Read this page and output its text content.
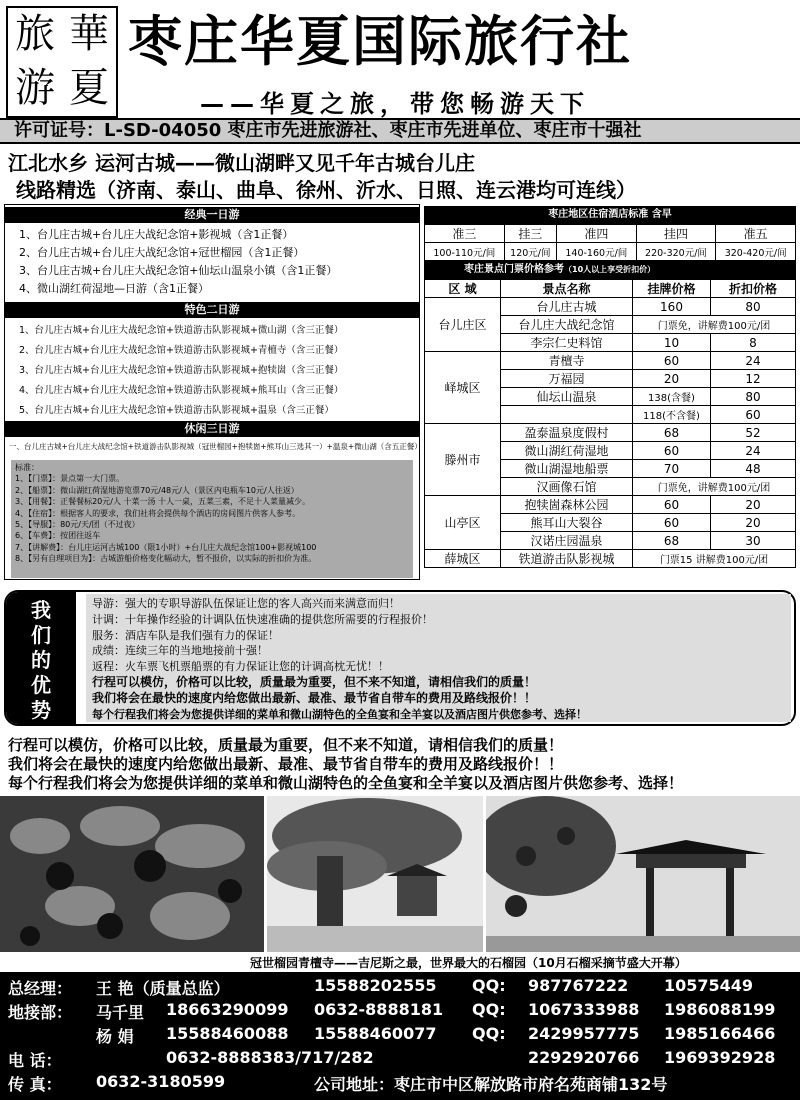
旅 華
游 夏
枣庄华夏国际旅行社
——华夏之旅，带您畅游天下
许可证号：L-SD-04050 枣庄市先进旅游社、枣庄市先进单位、枣庄市十强社
江北水乡 运河古城——微山湖畔又见千年古城台儿庄
线路精选（济南、泰山、曲阜、徐州、沂水、日照、连云港均可连线）
经典一日游
1、台儿庄古城+台儿庄大战纪念馆+影视城（含1正餐）
2、台儿庄古城+台儿庄大战纪念馆+冠世榴园（含1正餐）
3、台儿庄古城+台儿庄大战纪念馆+仙坛山温泉小镇（含1正餐）
4、微山湖红荷湿地—日游（含1正餐）
特色二日游
1、台儿庄古城+台儿庄大战纪念馆+铁道游击队影视城+微山湖（含三正餐）
2、台儿庄古城+台儿庄大战纪念馆+铁道游击队影视城+青檀寺（含三正餐）
3、台儿庄古城+台儿庄大战纪念馆+铁道游击队影视城+抱犊崮（含三正餐）
4、台儿庄古城+台儿庄大战纪念馆+铁道游击队影视城+熊耳山（含三正餐）
5、台儿庄古城+台儿庄大战纪念馆+铁道游击队影视城+温泉（含三正餐）
休闲三日游
一、台儿庄古城+台儿庄大战纪念馆+铁道游击队影视城（冠世榴园+抱犊崮+熊耳山三选其一）+温泉+微山湖（含五正餐）
标准：
1、【门票】：景点第一大门票。
2、【船票】：微山湖红荷湿地游览票70元/48元/人（景区内电瓶车10元/人往返）
3、【用餐】：正餐餐标20元/人 十菜一汤 十人一桌，五菜三素，不足十人菜量减少。
4、【住宿】：根据客人的要求，我们社将会提供每个酒店的房间图片供客人参考。
5、【导服】：80元/天/团（不过夜）
6、【车费】：按团往返车
7、【讲解费】：台儿庄运河古城100（限1小时）+台儿庄大战纪念馆100+影视城100
8、【另有自理项目为】：古城游船价格变化幅动大，暂不报价，以实际的折扣价为准。
枣庄地区住宿酒店标准 含早
准三	挂三	准四	挂四	准五
100-110元/间	120元/间	140-160元/间	220-320元/间	320-420元/间
枣庄景点门票价格参考（10人以上享受折扣价）
区 域	景点名称	挂牌价格	折扣价格
台儿庄区	台儿庄古城	160	80
	台儿庄大战纪念馆	门票免，讲解费100元/团	
	李宗仁史料馆	10	8
峄城区	青檀寺	60	24
	万福园	20	12
	仙坛山温泉	138(含餐)	80
		118(不含餐)	60
滕州市	盈泰温泉度假村	68	52
	微山湖红荷湿地	60	24
	微山湖湿地船票	70	48
	汉画像石馆	门票免，讲解费100元/团	
山亭区	抱犊崮森林公园	60	20
	熊耳山大裂谷	60	20
	汉诺庄园温泉	68	30
薛城区	铁道游击队影视城	门票15 讲解费100元/团	
我
们
的
优
势
导游：强大的专职导游队伍保证让您的客人高兴而来满意而归！
计调：十年操作经验的计调队伍快速准确的提供您所需要的行程报价！
服务：酒店车队是我们强有力的保证！
成绩：连续三年的当地地接前十强！
返程：火车票飞机票船票的有力保证让您的计调高枕无忧！！
行程可以模仿，价格可以比较，质量最为重要，但不来不知道，请相信我们的质量！
我们将会在最快的速度内给您做出最新、最准、最节省自带车的费用及路线报价！！
每个行程我们将会为您提供详细的菜单和微山湖特色的全鱼宴和全羊宴以及酒店图片供您参考、选择！
行程可以模仿，价格可以比较，质量最为重要，但不来不知道，请相信我们的质量！
我们将会在最快的速度内给您做出最新、最准、最节省自带车的费用及路线报价！！
每个行程我们将会为您提供详细的菜单和微山湖特色的全鱼宴和全羊宴以及酒店图片供您参考、选择！
冠世榴园青檀寺——吉尼斯之最，世界最大的石榴园（10月石榴采摘节盛大开幕）
总经理： 王 艳（质量总监）	15588202555 QQ: 987767222 10575449
地接部： 马千里 18663290099 0632-8888181 QQ: 1067333988 1986088199
杨 娟 15588460088 15588460077 QQ: 2429957775 1985166466
电 话：	0632-8888383/717/282	2292920766 1969392928
传 真： 0632-3180599	公司地址：枣庄市中区解放路市府名苑商铺132号
